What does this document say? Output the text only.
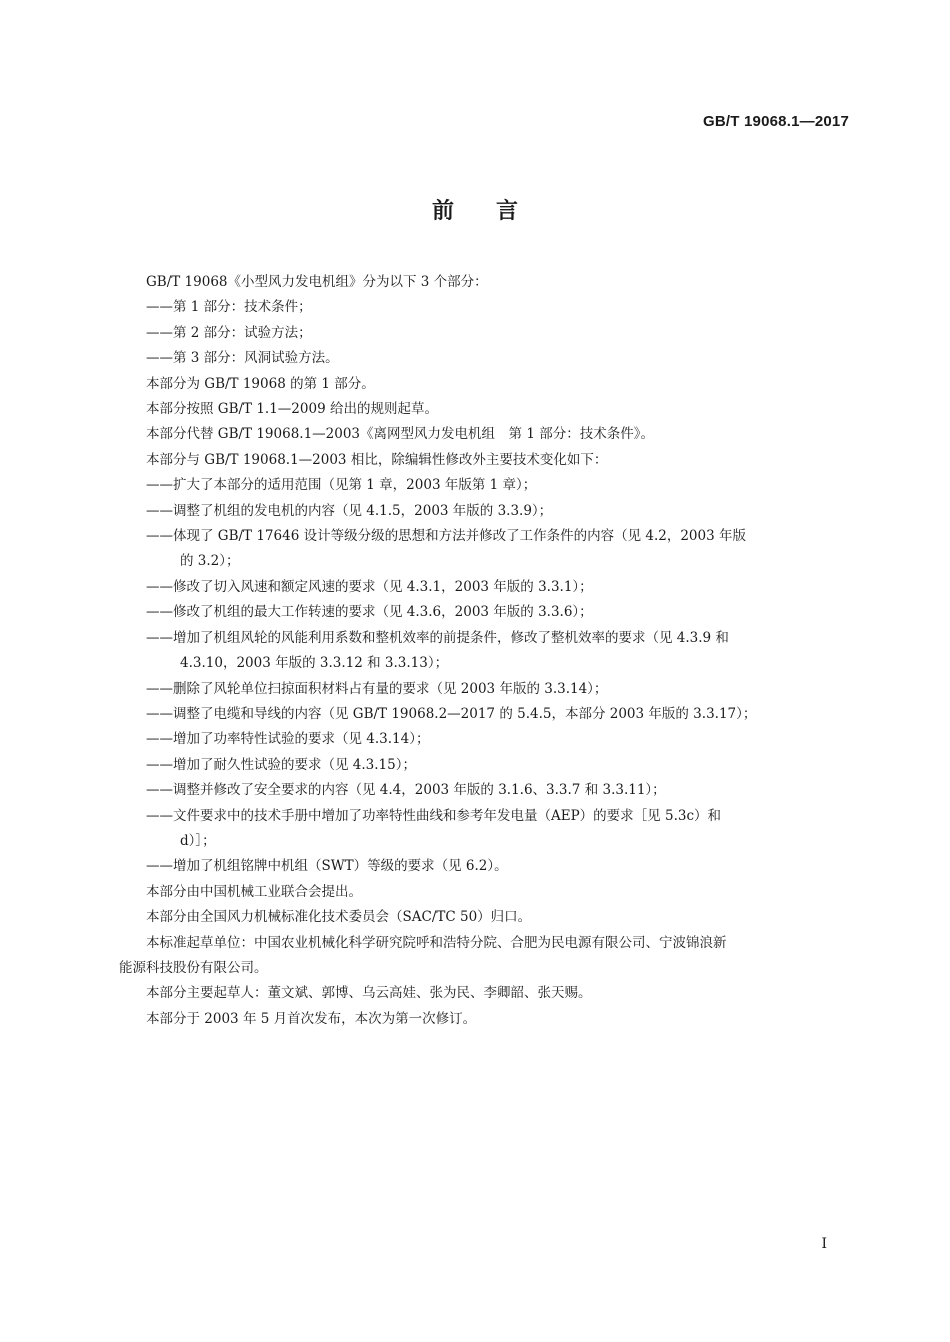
GB/T 19068.1—2017
前言

GB/T 19068《小型风力发电机组》分为以下 3 个部分：

——第 1 部分：技术条件；

——第 2 部分：试验方法；

——第 3 部分：风洞试验方法。

本部分为 GB/T 19068 的第 1 部分。

本部分按照 GB/T 1.1—2009 给出的规则起草。

本部分代替 GB/T 19068.1—2003《离网型风力发电机组　第 1 部分：技术条件》。

本部分与 GB/T 19068.1—2003 相比，除编辑性修改外主要技术变化如下：

——扩大了本部分的适用范围（见第 1 章，2003 年版第 1 章）；

——调整了机组的发电机的内容（见 4.1.5，2003 年版的 3.3.9）；

——体现了 GB/T 17646 设计等级分级的思想和方法并修改了工作条件的内容（见 4.2，2003 年版

的 3.2）；

——修改了切入风速和额定风速的要求（见 4.3.1，2003 年版的 3.3.1）；

——修改了机组的最大工作转速的要求（见 4.3.6，2003 年版的 3.3.6）；

——增加了机组风轮的风能利用系数和整机效率的前提条件，修改了整机效率的要求（见 4.3.9 和

4.3.10，2003 年版的 3.3.12 和 3.3.13）；

——删除了风轮单位扫掠面积材料占有量的要求（见 2003 年版的 3.3.14）；

——调整了电缆和导线的内容（见 GB/T 19068.2—2017 的 5.4.5，本部分 2003 年版的 3.3.17）；

——增加了功率特性试验的要求（见 4.3.14）；

——增加了耐久性试验的要求（见 4.3.15）；

——调整并修改了安全要求的内容（见 4.4，2003 年版的 3.1.6、3.3.7 和 3.3.11）；

——文件要求中的技术手册中增加了功率特性曲线和参考年发电量（AEP）的要求［见 5.3c）和

d）］；

——增加了机组铭牌中机组（SWT）等级的要求（见 6.2）。

本部分由中国机械工业联合会提出。

本部分由全国风力机械标准化技术委员会（SAC/TC 50）归口。

本标准起草单位：中国农业机械化科学研究院呼和浩特分院、合肥为民电源有限公司、宁波锦浪新

能源科技股份有限公司。

本部分主要起草人：董文斌、郭博、乌云高娃、张为民、李卿韶、张天赐。

本部分于 2003 年 5 月首次发布，本次为第一次修订。

I
